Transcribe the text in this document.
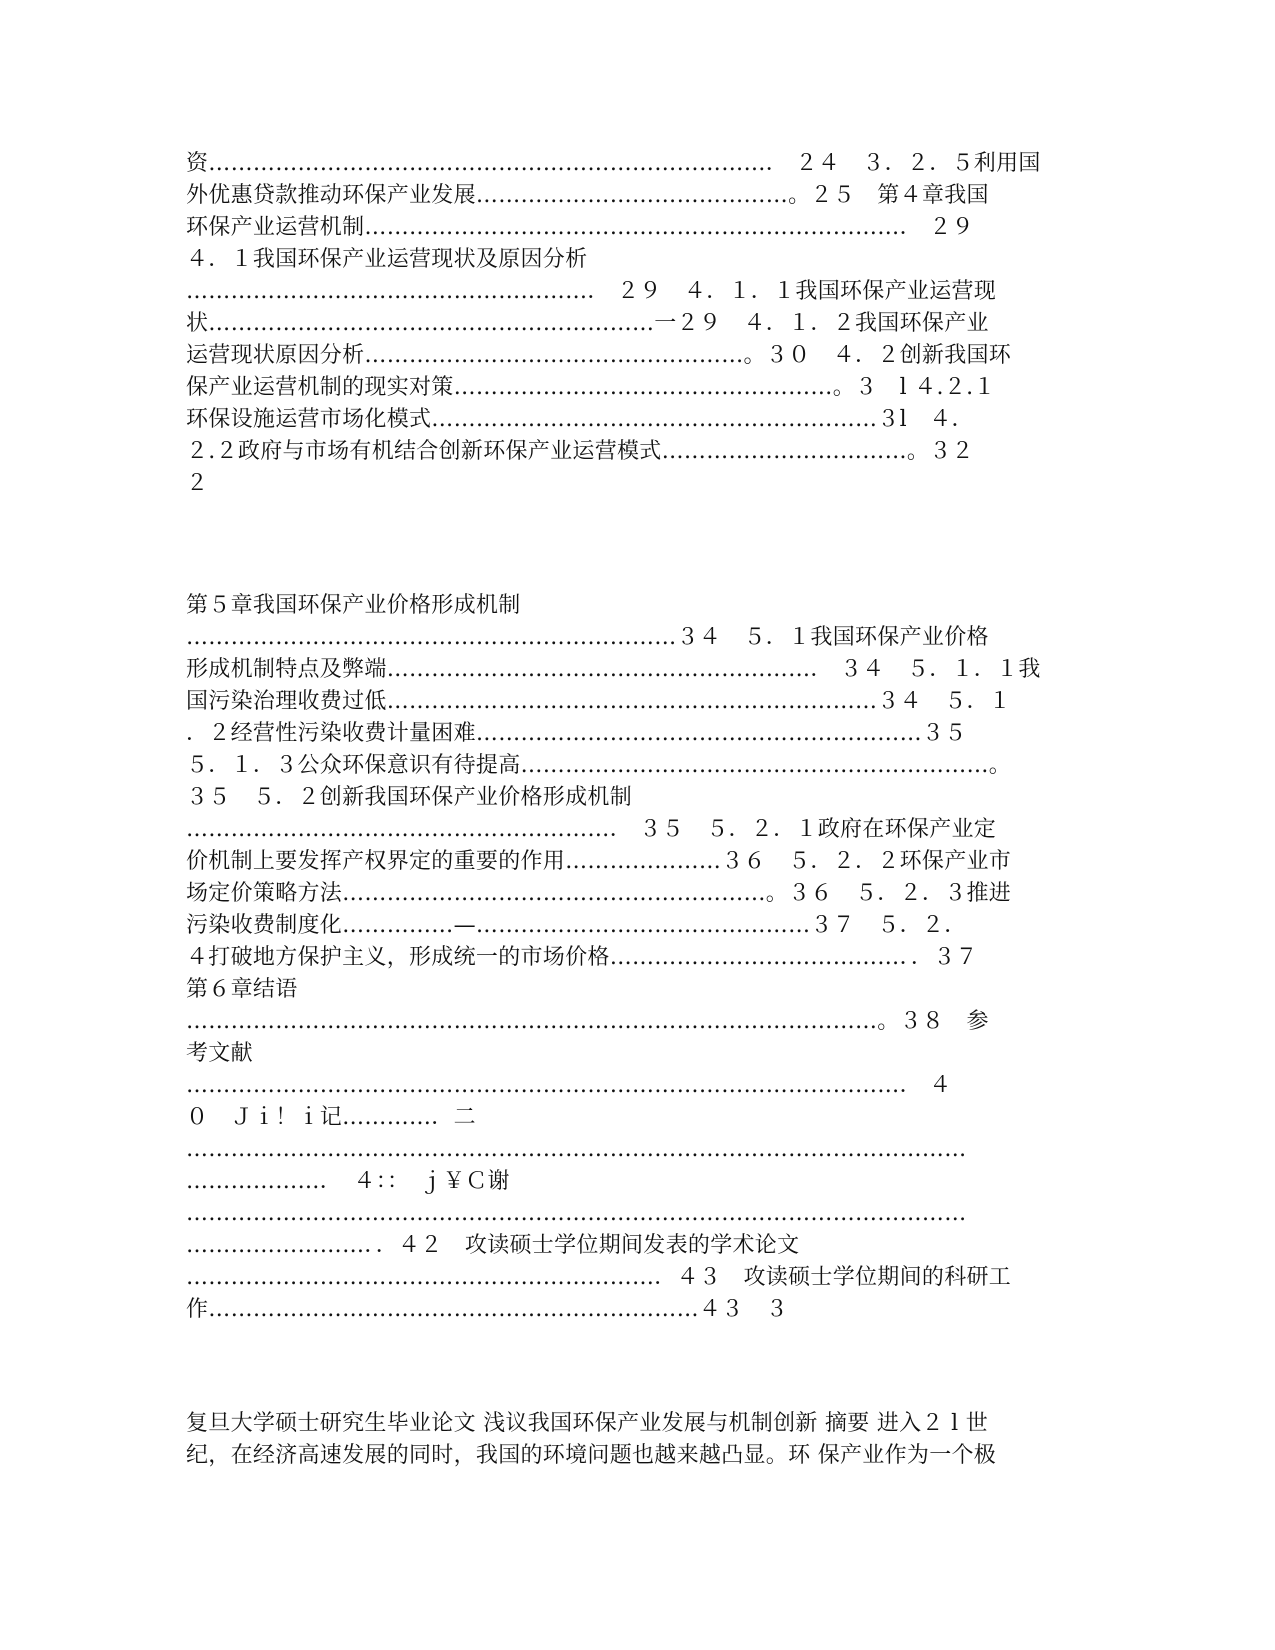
资…………………………………………………………………． ２４　３．２．５利用国
外优惠贷款推动环保产业发展……………………………………。２５　第４章我国
环保产业运营机制………………………………………………………………． ２９
４．１我国环保产业运营现状及原因分析
………………………………………………． ２９　４．１．１我国环保产业运营现
状……………………………………………………一２９　４．１．２我国环保产业
运营现状原因分析……………………………………………。３０　４．２创新我国环
保产业运营机制的现实对策……………………………………………。３　l ４.２.１
环保设施运营市场化模式……………………………………………………３l　４．
２.２政府与市场有机结合创新环保产业运营模式……………………………。３２
２
第５章我国环保产业价格形成机制
…………………………………………………………３４　５．１我国环保产业价格
形成机制特点及弊端…………………………………………………． ３４　５．１．１我
国污染治理收费过低…………………………………………………………３４　５．１
．２经营性污染收费计量困难……………………………………………………３５
５．１．３公众环保意识有待提高………………………………………………………。
３５　５．２创新我国环保产业价格形成机制
…………………………………………………． ３５　５．２．１政府在环保产业定
价机制上要发挥产权界定的重要的作用…………………３６　５．２．２环保产业市
场定价策略方法…………………………………………………。３６　５．２．３推进
污染收费制度化……………—………………………………………３７　５．２．
４打破地方保护主义，形成统一的市场价格…………………………………．．３７
第６章结语
…………………………………………………………………………………。３８　参
考文献
……………………………………………………………………………………． ４
０　Ｊｉ！ｉ记…………．二
……………………………………………………………………………………………
………………．　４：：　ｊ￥Ｃ谢
……………………………………………………………………………………………
……………………．．４２　攻读硕士学位期间发表的学术论文
………………………………………………………．４３　攻读硕士学位期间的科研工
作…………………………………………………………４３　３
复旦大学硕士研究生毕业论文 浅议我国环保产业发展与机制创新 摘要 进入２ l 世
纪，在经济高速发展的同时，我国的环境问题也越来越凸显。环 保产业作为一个极
